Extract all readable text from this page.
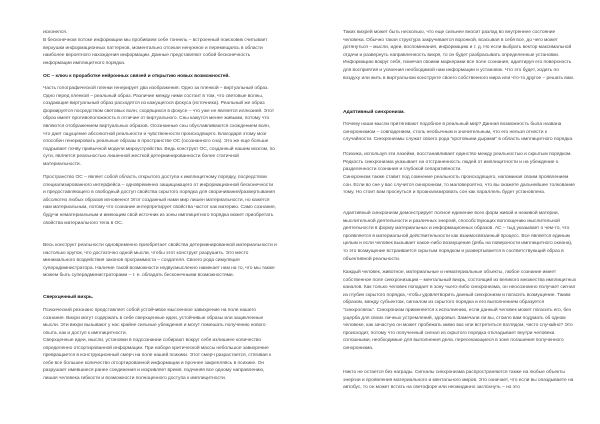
исконелся.

В бесконечном потоке информации мы пробиваем себе тоннель – встроенный поисковик считывает верхушки информационных паттернов, моментально отсекая ненужное и перемещаясь в области наиболее вероятного нахождения информации. Данные представляют собой бесконечность информации имплицитного порядка.

ОС – ключ к проработке нейронных связей и открытию новых возможностей.

Часть голографической пленки генерирует два изображения. Одно за пленкой – виртуальный образ. Одно перед пленкой – реальный образ. Различие между ними состоит в том, что световые волны, создающие виртуальный образ расходятся из кажущегося фокуса (источника). Реальный же образ формируется посредством световых волн, сходящихся в фокусе – что уже не является иллюзией. Этот образ имеет противоположность в отличие от виртуального. Сны кажутся менее живыми, потому что являются отображением виртуальных образов. Осознанные сны обуславливаются схождением волн, что дает ощущение абсолютной реальности и чувственности происходящего. Благодаря этому мозг способен генерировать реальные образы в пространстве ОС (осознанного сна). Это же еще больше подрывает почву привычной модели мироустройства. Ведь конструкт ОС, созданный нашим мозгом, по сути, является реальностью лишенной жесткой детерминированности более статичной материальности.

Пространство ОС – являет собой область открытого доступа к имплицитному порядку, посредством специализированного интерфейса – одновременно защищающего от информационной бесконечности и предоставляющего в свободный доступ свойства скрытого порядка для сворачивания/развертывания абсолютно любых образов мгновенно! Этот созданный нами мир лишен материальности, но кажется нам материальным, потому что сознание интерпретирует свойства частот как материю. Само сознание, будучи нематериальным и имеющим свой источник из зоны имплицитного порядка может приобретать свойства материального тела в ОС.

Весь конструкт реальности одновременно приобретает свойства детерминированной материальности и настолько хрупок, что достаточно одной мысли, чтобы этот конструкт разрушить. Это место минимального воздействия законов программиста – создателя. Своего рода симуляция суперадминистратора. Наличие такой возможности недвусмысленно намекает нам на то, что мы также можем быть суперадминистраторами – т. е. обладать бесконечными возможностями.

Сверхценный вихрь.

Психический резонанс представляет собой устойчивое мысленное завихрение на поле нашего сознания. Вихри могут содержать в себе сверхценные идеи, устойчивые образы или зацикленные мысли. Эти вихри вызывают у нас крайне сильные убеждения и могут помешать получению нового опыта, как и доступ к имплицитности.

Сверхценные идеи, мысли, установки в подсознании собирают вокруг себя излишнее количество определенно отсортированной информации. При наборе критической массы небольшое завихрение превращается в конструкционный смерч на поле нашей психики. Этот смерч разрастается, стягивая к себе все большее количество отсортированной информации и прочнее закрепляясь в психике. Он разрушает имевшиеся ранее соединения и искривляет время, подчиняя все одному направлению, лишая человека гибкости и возможности полноценного доступа к имплицитности.

Таких вихрей может быть несколько, что еще сильнее вносит разлад во внутреннее состояние человека. Обычно такая структура закручивается воронкой, всасывая в себя все, до чего может дотянуться – мысли, идеи, воспоминания, информацию и т. д. Но если выбрать вектор максимальной отдачи и развернуть направленность вихря, то он будет разбрасывать определенные установки. Информацию вокруг себя, помечая своими маркерами все поле сознания, адаптируя его поверхность для восприятия и усвоения необходимой нам информации и установок. Что это будет, ходить по воздуху или жить в виртуальном конструкте своего собственного мира или что-то другое – решать вам.

Адаптивный синхронизм.

Почему наши мысли притягивают подобное в реальный мир? Данная возможность была названа синхронизмом – совпадением, столь необычным и значительным, что его нельзя отнести к случайности. Синхронизмы служат своего рода "кротовыми дырами" в область имплицитного порядка.

Психика, используя эти лазейки, восстанавливает единство между реальностью и скрытым порядком. Редкость синхронизма указывает на отстраненность людей от имплицитности и на убеждение о разделенности сознания и глубокой сепаративности.

Синхронизм также ставит под сомнение реальность происходящего, напоминая своим проявлением сон. Если во сне у вас случится синхронизм, то маловероятно, что вы окажете дальнейшее толкование тому. Но стоит вам проснуться и проанализировать сон как параллель будет установлена.

Адаптивный синхронизм демонстрирует полное единение всех форм живой и неживой материи, мыслительной деятельности и различных энергий, способствующих воплощению мыслительной деятельности в форму материальных и информационных образов. АС – тыд указывает о чем-то, что проявляется в материальной действительности как взаимосвязанный процесс. Все является единым целым и если человек вызывает какое-либо возмущение (рябь на поверхности имплицитного океана), то это возмущение встраивается скрытым порядком и развертывается в соответствующий образ в объективной реальности.

Каждый человек, животное, материальные и нематериальные объекты, любое сознание имеет собственное поле синхронизации – ментальный вихрь, состоящий из великого множества имплицитных каналов. Как только человек попадает в зону чьего-либо синхронизма, он неосознанно получает сигнал из глубин скрытого порядка, чтобы удовлетворить данный синхронизм и погасить возмущение. Таким образом, между субъектом, сигналом из скрытого порядка и его выполнением образуется "синхросвязь". Синхронизм применяется к исполнению, если данный человек может погасить его, без ущерба для своих личных устремлений, здоровья. Замечали ли вы, стоило вам подумать об одном человеке, как зачастую он может пробежать мимо вас или встретиться взглядом, чисто случайно? Это происходит, потому что полученный сигнал из скрытого порядка откладывает внутри человека сплошными, необходимые для выполнения дела, пересекающиеся в зоне погашения полученного синхронизма.

Никто не остается без награды. Сигналы синхронизма распространяются также на любые объекты энергии и проявления материального и ментального миров. Это означает, что если вы опаздываете на автобус, то он может встать на светофоре или неожиданно заглохнуть – но это
